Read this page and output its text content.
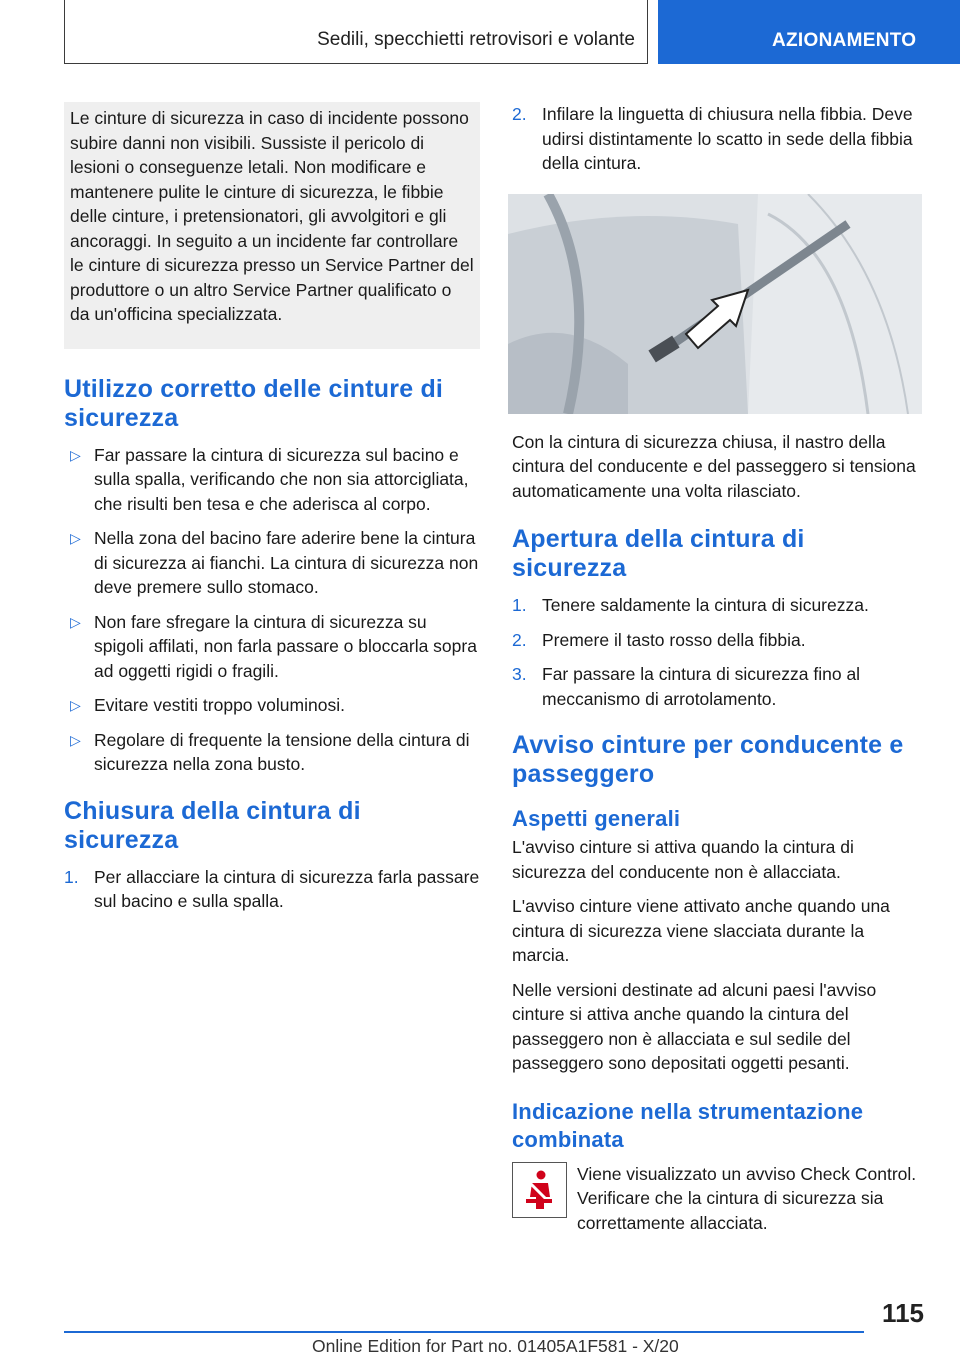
Sedili, specchietti retrovisori e volante	AZIONAMENTO

Le cinture di sicurezza in caso di incidente possono subire danni non visibili. Sussiste il pericolo di lesioni o conseguenze letali. Non modificare e mantenere pulite le cinture di sicurezza, le fibbie delle cinture, i pretensionatori, gli avvolgitori e gli ancoraggi. In seguito a un incidente far controllare le cinture di sicurezza presso un Service Partner del produttore o un altro Service Partner qualificato o da un'officina specializzata.

Utilizzo corretto delle cinture di sicurezza
▷ Far passare la cintura di sicurezza sul bacino e sulla spalla, verificando che non sia attorcigliata, che risulti ben tesa e che aderisca al corpo.
▷ Nella zona del bacino fare aderire bene la cintura di sicurezza ai fianchi. La cintura di sicurezza non deve premere sullo stomaco.
▷ Non fare sfregare la cintura di sicurezza su spigoli affilati, non farla passare o bloccarla sopra ad oggetti rigidi o fragili.
▷ Evitare vestiti troppo voluminosi.
▷ Regolare di frequente la tensione della cintura di sicurezza nella zona busto.
Chiusura della cintura di sicurezza
1. Per allacciare la cintura di sicurezza farla passare sul bacino e sulla spalla.
2. Infilare la linguetta di chiusura nella fibbia. Deve udirsi distintamente lo scatto in sede della fibbia della cintura.

Con la cintura di sicurezza chiusa, il nastro della cintura del conducente e del passeggero si tensiona automaticamente una volta rilasciato.

Apertura della cintura di sicurezza
1. Tenere saldamente la cintura di sicurezza.
2. Premere il tasto rosso della fibbia.
3. Far passare la cintura di sicurezza fino al meccanismo di arrotolamento.
Avviso cinture per conducente e passeggero
Aspetti generali

L'avviso cinture si attiva quando la cintura di sicurezza del conducente non è allacciata.

L'avviso cinture viene attivato anche quando una cintura di sicurezza viene slacciata durante la marcia.

Nelle versioni destinate ad alcuni paesi l'avviso cinture si attiva anche quando la cintura del passeggero non è allacciata e sul sedile del passeggero sono depositati oggetti pesanti.

Indicazione nella strumentazione combinata

Viene visualizzato un avviso Check Control. Verificare che la cintura di sicurezza sia correttamente allacciata.

115
Online Edition for Part no. 01405A1F581 - X/20
